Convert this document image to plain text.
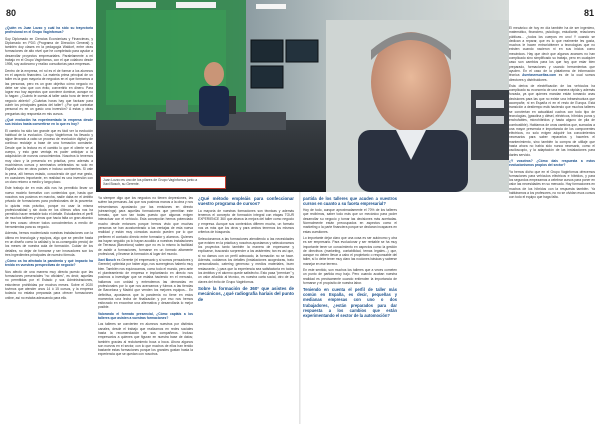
80

¿Quién es Juan Lozzo y cuál ha sido su trayectoria profesional en el Grupo Vaginfomus?

Soy Diplomado en Ciencias Económicas y Financieras, y Diplomado en PDG (Programa de Dirección General) y también doy clases en la pedagogía Waldorf, entre otras formaciones de alto nivel que he completado para ayudar a desarrollar proyectos empresariales. Paralelamente a mi trabajo en el Grupo Vaginfomus, con el que colaboro desde 1998, soy autónomo y realizo consultorías para empresas.

Dentro de la empresa, mi rol es el de formar a los alumnos en el aspecto financiero. La materia prima principal de un taller es la gran mayoría de negocios en el que formamos a las personas, pero es un gran objetivo cómo negocio no debe ser sino que con éxito, convertirlo en dinero. Para lograr eso hay aspectos que conviene dominar, aunque no lo hagan: ¿Cuánto le cuesta al taller cada hora de tener el negocio abierto? ¿Cuántas horas hay que facturar para cubrir los principales gastos del taller? ¿Por qué contratar personal es en un gasto una inversión? A estas y otras preguntas doy respuesta en mis cursos.

¿Qué evolución ha experimentado la empresa desde sus inicios hasta convertirse en lo que es hoy?

El cambio ha sido tan grande que es fácil ver la evolución habitual de la evolución. Grupo Vaginfomus ha llevado y sigue llevando a cabo un proceso de revolución digital y de continuo reciclaje a base de una formación constante. Desde que la lectura es el cambio lo que el cliente ve al cuerpo, y esto gran ventaja es poder anticipar a la adquisición de nuevos conocimientos. Nosotros lo tenemos muy claro y la presencia en práctica, pero además a muchísimos cursos y seminarios celebrados no solo en España sino en otros países e incluso continentes. Si vale la pena, allí hemos estado, conociendo de qué ese gesto, en ocasiones importante, en realidad es una inversión con un claro retorno a medio y largo plazo.

Este trabajo de en más allá nos ha permitido llevar un nuevo modelo formativo con contenidos que, hasta que nosotros nos pusimos en marcha, nadie daba en el ámbito privado de formaciones para profesionales de la posventa: lo quizás más práctico, porque no usar la misma profesionalidad y sin duda en los últimos años nos ha permitido hacer rentable todo el detalle. Estudiantes el perfil de muchos talleres y vimos que hacía falta un gran abanico de tres cosas: ofrecer todos conocimientos a medio de herramientas para su negocio.

Además, hemos modernizado nuestras instalaciones con la última en tecnología y equipos, algo que se percibe hasta en un diseño como la calidad y la co-conseguido precio) de los meses de nuestra aula de formación. Cuidar de los detalles, no dejar de formarse y ser innovadores son los tres ingredientes principales de nuestro fórmula.

¿Cómo os ha afectado la pandemia y qué impacto ha tenido en vuestras perspectivas de negocio?

Nos afectó de una manera muy directa puesto que las formaciones presenciales "no oficiales", es decir, aquellas no permitidas por el Estado y sus Administraciones, estuvieron prohibidas por muchos meses. Sobre el 2020 tuvimos que atender unos 14 ó 15 cursos, y la empresa todavía no estaba preparada para ofrecer formaciones online, así no estaba adecuando para ello.

Ya siempre digo que los negocios no tienen depresiones, las sufren las personas. Así que nos pusimos manos a la obra y nos reinventamos apostando por las emisiones en directo (streamings) para aquellas formaciones que permitían este formato, que son tan todas puesto que algunas exigen interactuar con el vehículo. Esta concepción hemos potenciado mucho desde entonces porque hemos visto que muchas personas se han acostumbrado a las ventajas de esta nueva realidad y están muy cómodas cuando pueden por lo que prefieren el contacto directo entre formador y alumnos. Quienes las hayan seguido ya lo hayan acudido a nuestras instalaciones de Terrassa (Barcelona) saben que no es lo mismo la facilidad de asistir a formaciones, formarse en un formato altamente profesional, y llevarse la formación al lugar del mundo.

Xavi Bosch es Gerente (el empresario y si somos pensadores y Gerente) optimista por haber algo, nos sumergimos haberlo muy bien. También nos equivocamos, como todo el mundo, pero ante el planteamiento de empresa e implantando en directo nos pusimos a investigar que se estaba haciendo en el mercado, hallamos con unidad y entendemos las demandas en profesionales por lo que nos acercamos y fuimos a las tiendas de Barcelona y Madrid que venden los mejores equipos... En definitiva, apostamos que la pandemia no tiene en estos momentos una lecha de finalización y por eso nos hemos esforzado en encontrar una alternativa y desarrollarla lo mejor posible.

Valorando el formato presencial, ¿Cómo captáis a los talleres que asisten a vuestras formaciones?

Los talleres se convierten en alumnos nuestros por distintos canales, desde el trabajo que realizamos en redes sociales hasta la recomendación de sus compañeros. Incluso empresarios a quienes que figuran en nuestra base de datos; también gracias al reclutamiento boca a boca. Ahora algunos son nuevos en el sector, con lo que muchos de ellos han tenido bastante estas formaciones porque los grandes gustan hasta la experiencia que se quedan con nosotros.

¿Qué método empleáis para confeccionar vuestro programa de cursos?

La mayoría de nuestras formaciones son técnicas y además tenemos el concepto de formación integral con etapas TOUR EXPERIENCE 360 que abarca la mejora del taller como negocio y empresa. Aunque sus contenidos difieren mucho, un formato nos va más que los otros y para ambos tenemos los mismos criterios de búsqueda.

Seleccionamos a las formaciones atendiendo a las necesidades que existen en la práctica y nosotros apostamos y seleccionamos los proyectos tanto también la manera de expresarse y explicarse, buscando sorprender a los asistentes; tan es así que, si no damos con un perfil adecuado, la formación no se hace. Además, cuidamos los detalles (instalaciones acogedoras, trato personalizado, catering generoso y medios materiales, buen restaurante...) para que la experiencia sea satisfactoria en todos los ámbitos y el alumno quede satisfecho. Esto pasa "premium" y un valor añadido al técnico, es nuestra carta social, otro de las claves del éxito de Grupo Vaginfomus.

Sobre la formación de 360° que asistes de mecánicos, ¿qué radiografía haríais del punto de

81

partida de los talleres que acuden a vuestros cursos en cuanto a su faceta empresarial?

Hoy de todo, aunque aproximadamente el 70% de los talleres que recibimos, saber todo más que un mecánico para poder desarrollar su negocio y tomar las decisiones más acertadas. Normalmente están preocupados en aspectos como el marketing o la parte financiera porque se declaran incapaces en estas cuestiones.

Lo importante dejar claro que una cosa es ser autónomo y otra es ser empresario. Para evolucionar y ser rentable se ha muy importante tener un conocimiento en aspectos como la gestión de directivos (marketing, contabilidad, temas legales...) que, aunque no deben llevar a cabo el propietario o responsable del taller, sí lo debe tener muy claro las nociones básicas y saberse manejar en ese terreno.

En este sentido, son muchos los talleres que a veces cometen un punto de partida muy bajo. Pero cuando acaban nuestra realidad es precisamente cuando entienden la importancia de formarse y el propósito de nuestra labor.

Teniendo en cuenta el perfil de taller más común en España, es decir, pequeñas y medianas empresas con uno o dos trabajadores, ¿están preparados para dar respuesta a los cambios que están experimentando el sector de la automoción?

El mecánico de hoy en día también ha de ser ingeniero, matemático, financiero, psicólogo, estudiante, relaciones públicas... ¿todos los cuerpos en uno! Y cuando se dedican a reparar, que es lo que realmente les gusta, muchos le hacen entrar/obtener a tecnologías que no existen cuando nacieron ni en sus inicios como mecánicos. Hay que decir que algunos avances no han complicado sino simplificado su trabajo, pero en cualquier caso son cambios para los que hoy que estar bien preparado, formaciones y usando herramientas que ayuden. En el caso de la plataforma de información técnica Averiasresueltas.com es de la cual somos directores y distribuidores.

Esta deriva de electrificación de los vehículos ha complicado su economía de una manera rápida y además forzada, ya que quienes mandan están tomando unas decisiones para las que no existe una infraestructura que acompañe, ni en España ni en el resto de Europa. Está transición a destiempo está haciendo que muchos talleres se conviertan en actualidad cuchos con todo tipo de tecnologías, (gasolina y diésel, eléctricos, híbridos puros y enchufables, microhíbridos y hasta alguno de pila de combustible). Hablamos de unos cambios que, sumados a una mayor presencia e importancia de los componentes eléctricos, no solo exigen adquirir los conocimientos necesarios para saber repararlos y hacerles el mantenimiento, sino también la compra de utillaje que hasta ahora no había sido nunca necesario, como el osciloscopio, y la adaptación de las instalaciones para darles servicio.

¿Y vosotros? ¿Cómo dais respuesta a estos evolucionismos propios del sector?

Ya hemos dicho que en el Grupo Vaginfomus ofrecemos formaciones para vehículos eléctricos e híbridos, y para los segundos empezamos a celebrar cursos para poner en valor las necesidades en su mercado. Hay formaciones en muchos de los híbridos con la respuesta también. Ya habláramos a los profesores, no no se olvidan esos cursos con todo el equipo que haga falta.

Juan Lozzo es uno de los pilares de Grupo Vaginfomus junto a
Xavi Bosch, su Gerente.
